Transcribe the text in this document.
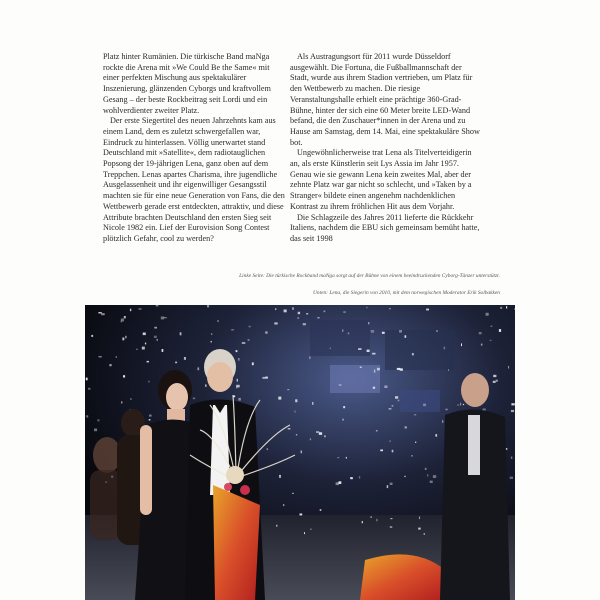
Platz hinter Rumänien. Die türkische Band maNga rockte die Arena mit »We Could Be the Same« mit einer perfekten Mischung aus spektakulärer Inszenierung, glänzenden Cyborgs und kraftvollem Gesang – der beste Rockbeitrag seit Lordi und ein wohlverdienter zweiter Platz.

Der erste Siegertitel des neuen Jahrzehnts kam aus einem Land, dem es zuletzt schwergefallen war, Eindruck zu hinterlassen. Völlig unerwartet stand Deutschland mit »Satellite«, dem radiotauglichen Popsong der 19-jährigen Lena, ganz oben auf dem Treppchen. Lenas apartes Charisma, ihre jugendliche Ausgelassenheit und ihr eigenwilliger Gesangsstil machten sie für eine neue Generation von Fans, die den Wettbewerb gerade erst entdeckten, attraktiv, und diese Attribute brachten Deutschland den ersten Sieg seit Nicole 1982 ein. Lief der Eurovision Song Contest plötzlich Gefahr, cool zu werden?

Als Austragungsort für 2011 wurde Düsseldorf ausgewählt. Die Fortuna, die Fußballmannschaft der Stadt, wurde aus ihrem Stadion vertrieben, um Platz für den Wettbewerb zu machen. Die riesige Veranstaltungshalle erhielt eine prächtige 360-Grad-Bühne, hinter der sich eine 60 Meter breite LED-Wand befand, die den Zuschauer*innen in der Arena und zu Hause am Samstag, dem 14. Mai, eine spektakuläre Show bot.

Ungewöhnlicherweise trat Lena als Titelverteidigerin an, als erste Künstlerin seit Lys Assia im Jahr 1957. Genau wie sie gewann Lena kein zweites Mal, aber der zehnte Platz war gar nicht so schlecht, und »Taken by a Stranger« bildete einen angenehm nachdenklichen Kontrast zu ihrem fröhlichen Hit aus dem Vorjahr.

Die Schlagzeile des Jahres 2011 lieferte die Rückkehr Italiens, nachdem die EBU sich gemeinsam bemüht hatte, das seit 1998

Linke Seite: Die türkische Rockband maNga sorgt auf der Bühne von einem beeindruckenden Cyborg-Tänzer unterstützt.
Unten: Lena, die Siegerin von 2010, mit dem norwegischen Moderator Erik Solbakken
